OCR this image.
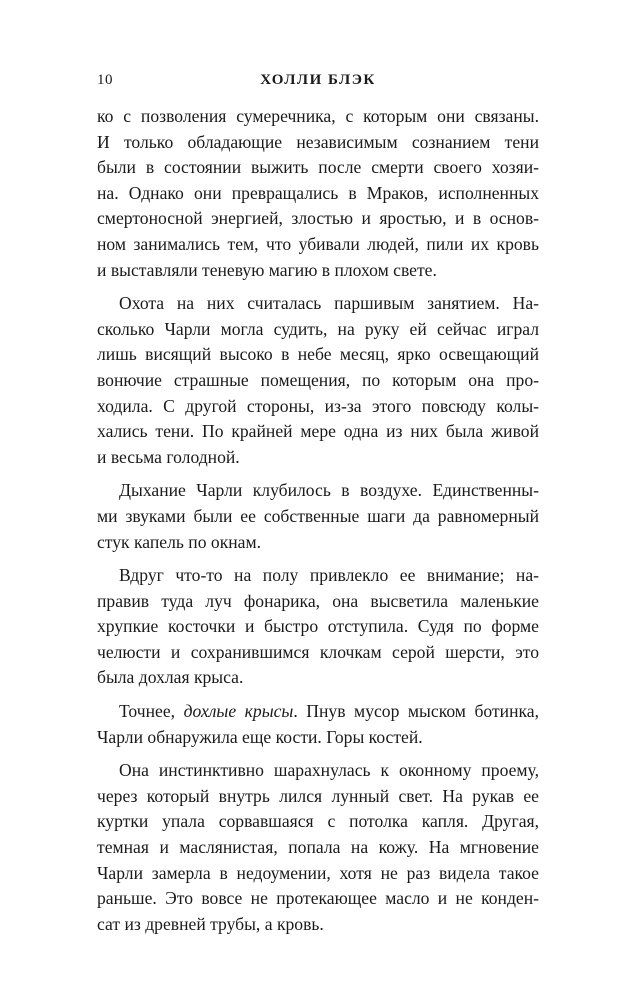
10	ХОЛЛИ БЛЭК
ко с позволения сумеречника, с которым они связаны.
И только обладающие независимым сознанием тени
были в состоянии выжить после смерти своего хозяи-
на. Однако они превращались в Мраков, исполненных
смертоносной энергией, злостью и яростью, и в основ-
ном занимались тем, что убивали людей, пили их кровь
и выставляли теневую магию в плохом свете.
Охота на них считалась паршивым занятием. На-
сколько Чарли могла судить, на руку ей сейчас играл
лишь висящий высоко в небе месяц, ярко освещающий
вонючие страшные помещения, по которым она про-
ходила. С другой стороны, из-за этого повсюду колы-
хались тени. По крайней мере одна из них была живой
и весьма голодной.
Дыхание Чарли клубилось в воздухе. Единственны-
ми звуками были ее собственные шаги да равномерный
стук капель по окнам.
Вдруг что-то на полу привлекло ее внимание; на-
правив туда луч фонарика, она высветила маленькие
хрупкие косточки и быстро отступила. Судя по форме
челюсти и сохранившимся клочкам серой шерсти, это
была дохлая крыса.
Точнее, дохлые крысы. Пнув мусор мыском ботинка,
Чарли обнаружила еще кости. Горы костей.
Она инстинктивно шарахнулась к оконному проему,
через который внутрь лился лунный свет. На рукав ее
куртки упала сорвавшаяся с потолка капля. Другая,
темная и маслянистая, попала на кожу. На мгновение
Чарли замерла в недоумении, хотя не раз видела такое
раньше. Это вовсе не протекающее масло и не конден-
сат из древней трубы, а кровь.
